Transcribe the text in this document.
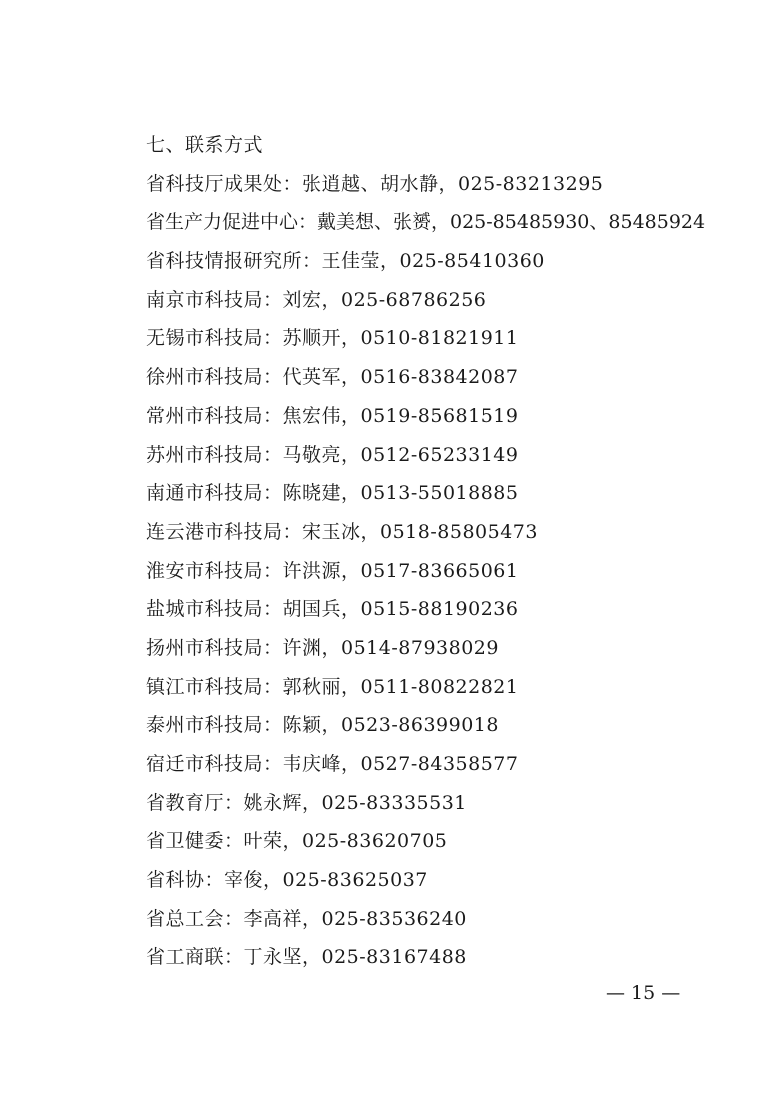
七、联系方式
省科技厅成果处：张逍越、胡水静，025-83213295
省生产力促进中心：戴美想、张赟，025-85485930、85485924
省科技情报研究所：王佳莹，025-85410360
南京市科技局：刘宏，025-68786256
无锡市科技局：苏顺开，0510-81821911
徐州市科技局：代英军，0516-83842087
常州市科技局：焦宏伟，0519-85681519
苏州市科技局：马敬亮，0512-65233149
南通市科技局：陈晓建，0513-55018885
连云港市科技局：宋玉冰，0518-85805473
淮安市科技局：许洪源，0517-83665061
盐城市科技局：胡国兵，0515-88190236
扬州市科技局：许渊，0514-87938029
镇江市科技局：郭秋丽，0511-80822821
泰州市科技局：陈颖，0523-86399018
宿迁市科技局：韦庆峰，0527-84358577
省教育厅：姚永辉，025-83335531
省卫健委：叶荣，025-83620705
省科协：宰俊，025-83625037
省总工会：李高祥，025-83536240
省工商联：丁永坚，025-83167488
— 15 —
